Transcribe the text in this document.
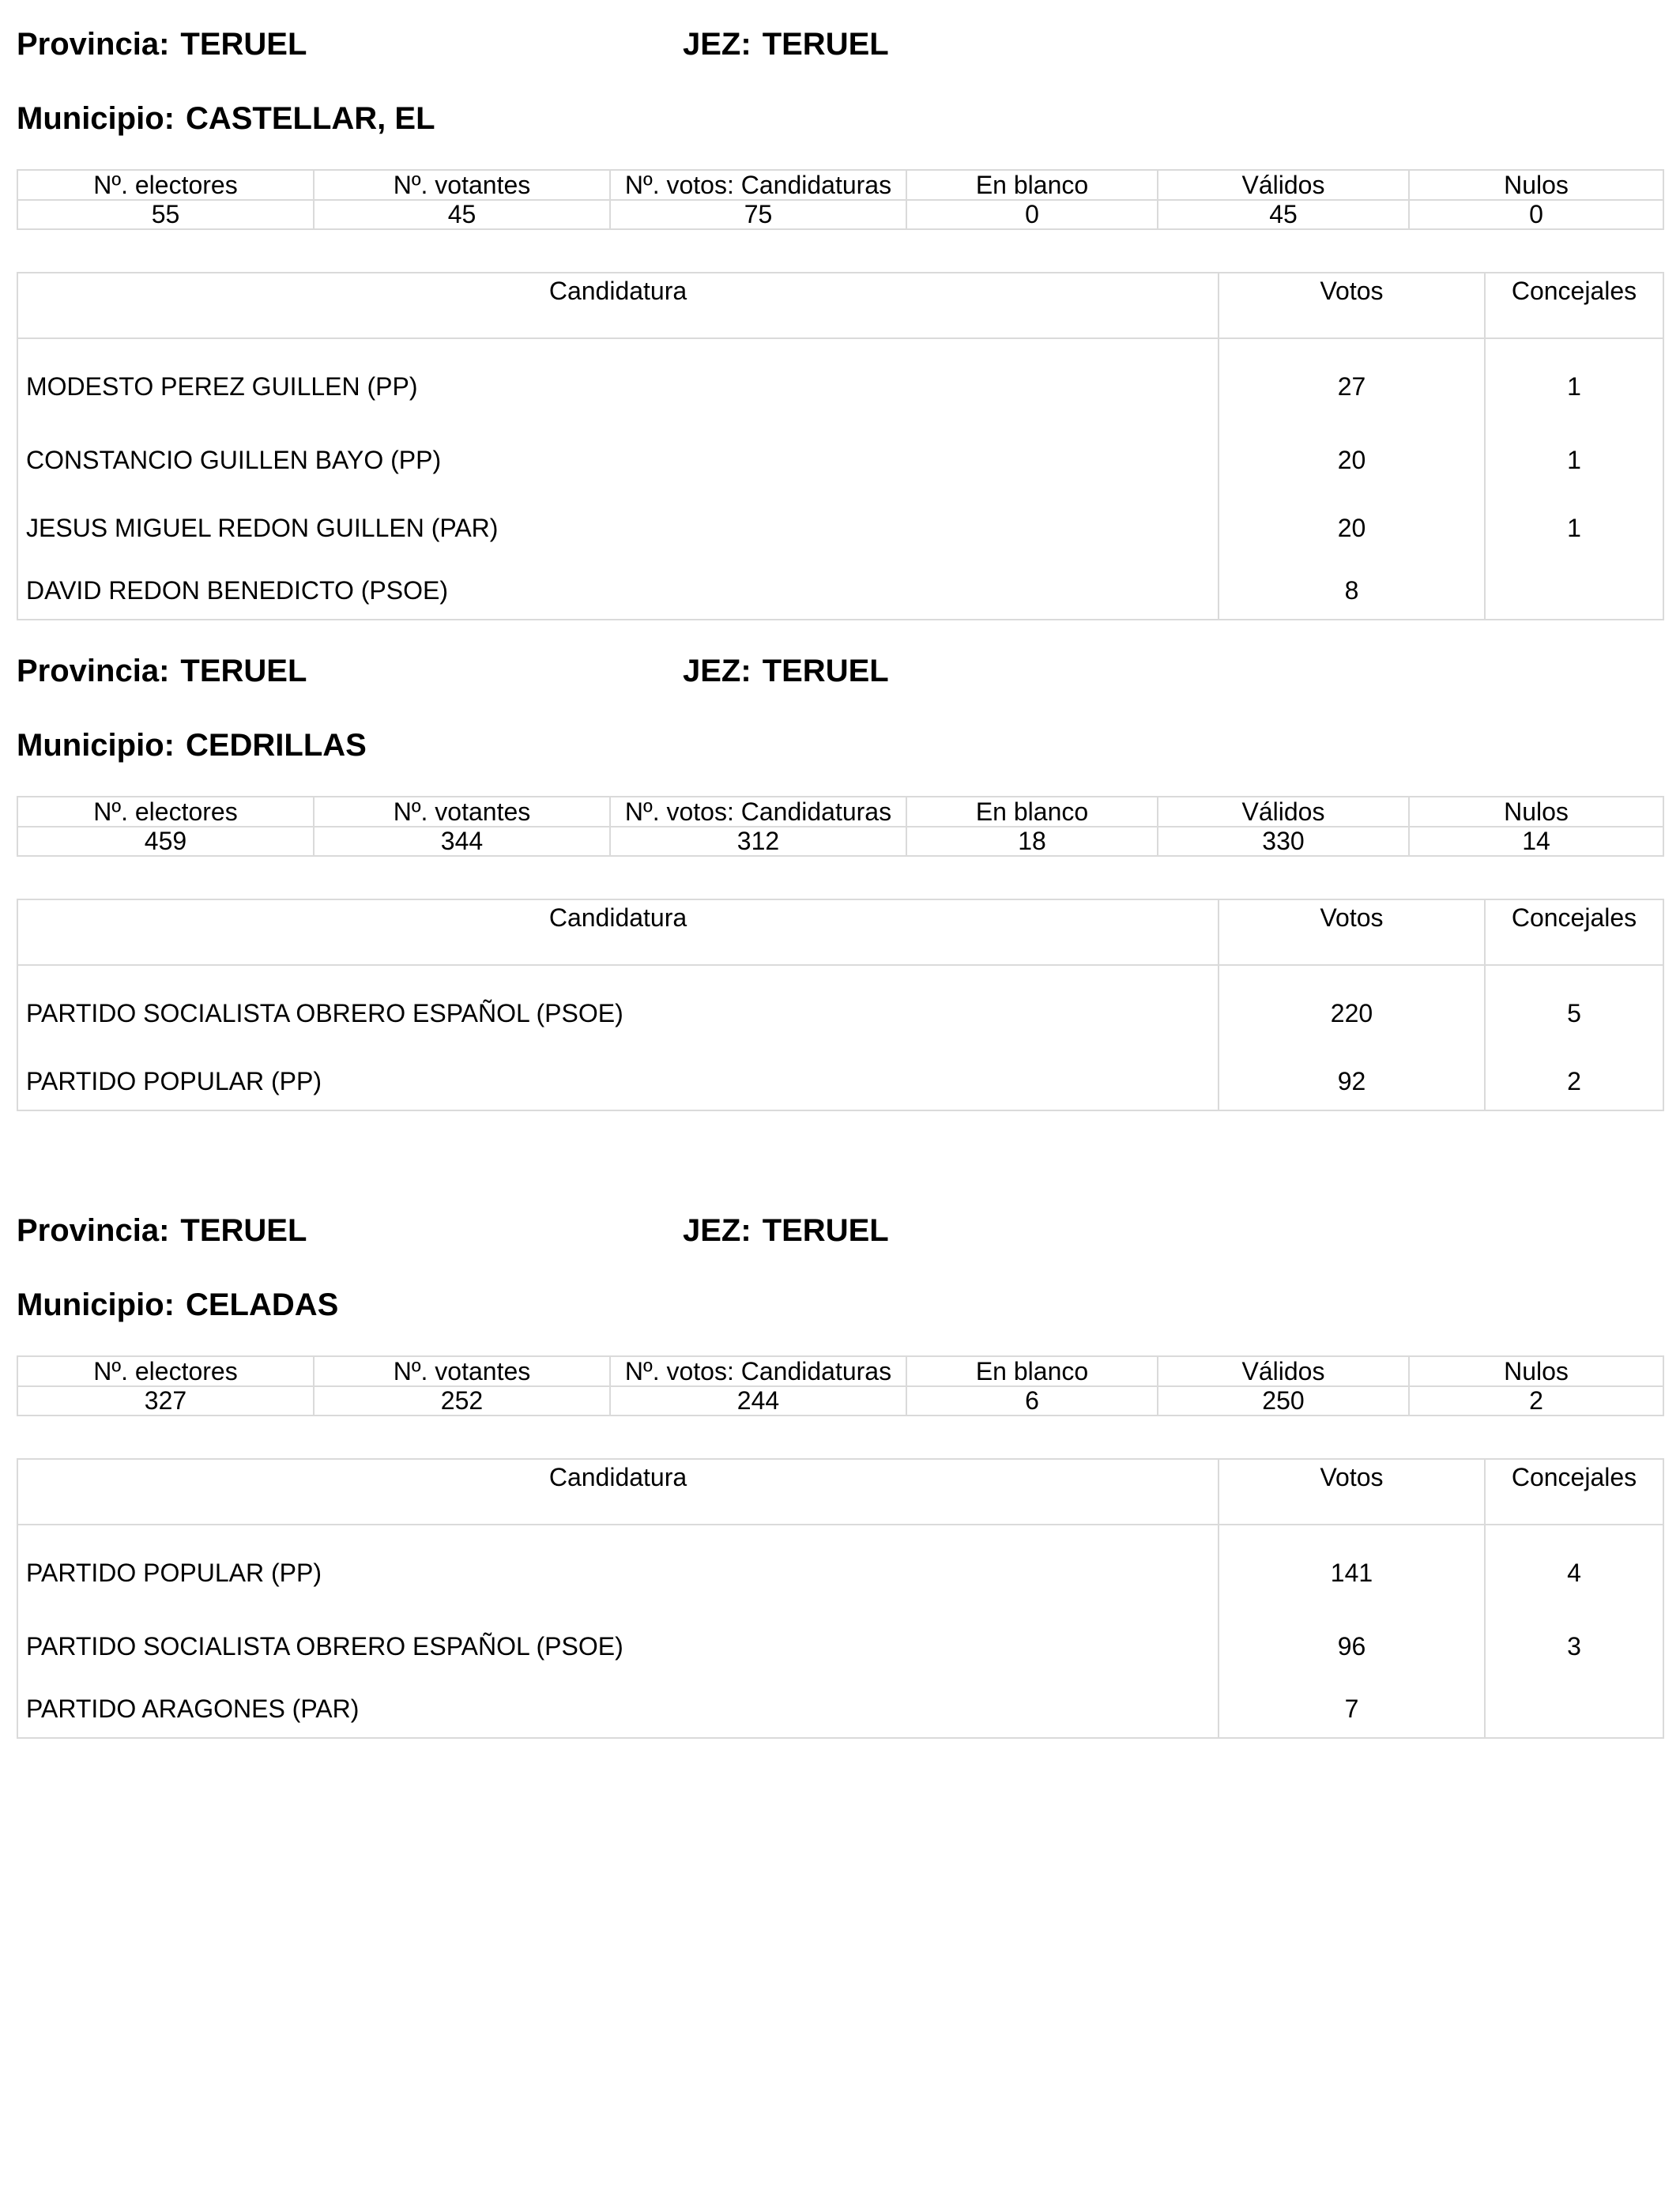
Provincia: TERUEL	JEZ: TERUEL
Municipio: CASTELLAR, EL
Nº. electores	Nº. votantes	Nº. votos: Candidaturas	En blanco	Válidos	Nulos
55	45	75	0	45	0
Candidatura	Votos	Concejales
MODESTO PEREZ GUILLEN (PP)	27	1
CONSTANCIO GUILLEN BAYO (PP)	20	1
JESUS MIGUEL REDON GUILLEN (PAR)	20	1
DAVID REDON BENEDICTO (PSOE)	8	
Provincia: TERUEL	JEZ: TERUEL
Municipio: CEDRILLAS
Nº. electores	Nº. votantes	Nº. votos: Candidaturas	En blanco	Válidos	Nulos
459	344	312	18	330	14
Candidatura	Votos	Concejales
PARTIDO SOCIALISTA OBRERO ESPAÑOL (PSOE)	220	5
PARTIDO POPULAR (PP)	92	2
Provincia: TERUEL	JEZ: TERUEL
Municipio: CELADAS
Nº. electores	Nº. votantes	Nº. votos: Candidaturas	En blanco	Válidos	Nulos
327	252	244	6	250	2
Candidatura	Votos	Concejales
PARTIDO POPULAR (PP)	141	4
PARTIDO SOCIALISTA OBRERO ESPAÑOL (PSOE)	96	3
PARTIDO ARAGONES (PAR)	7	
